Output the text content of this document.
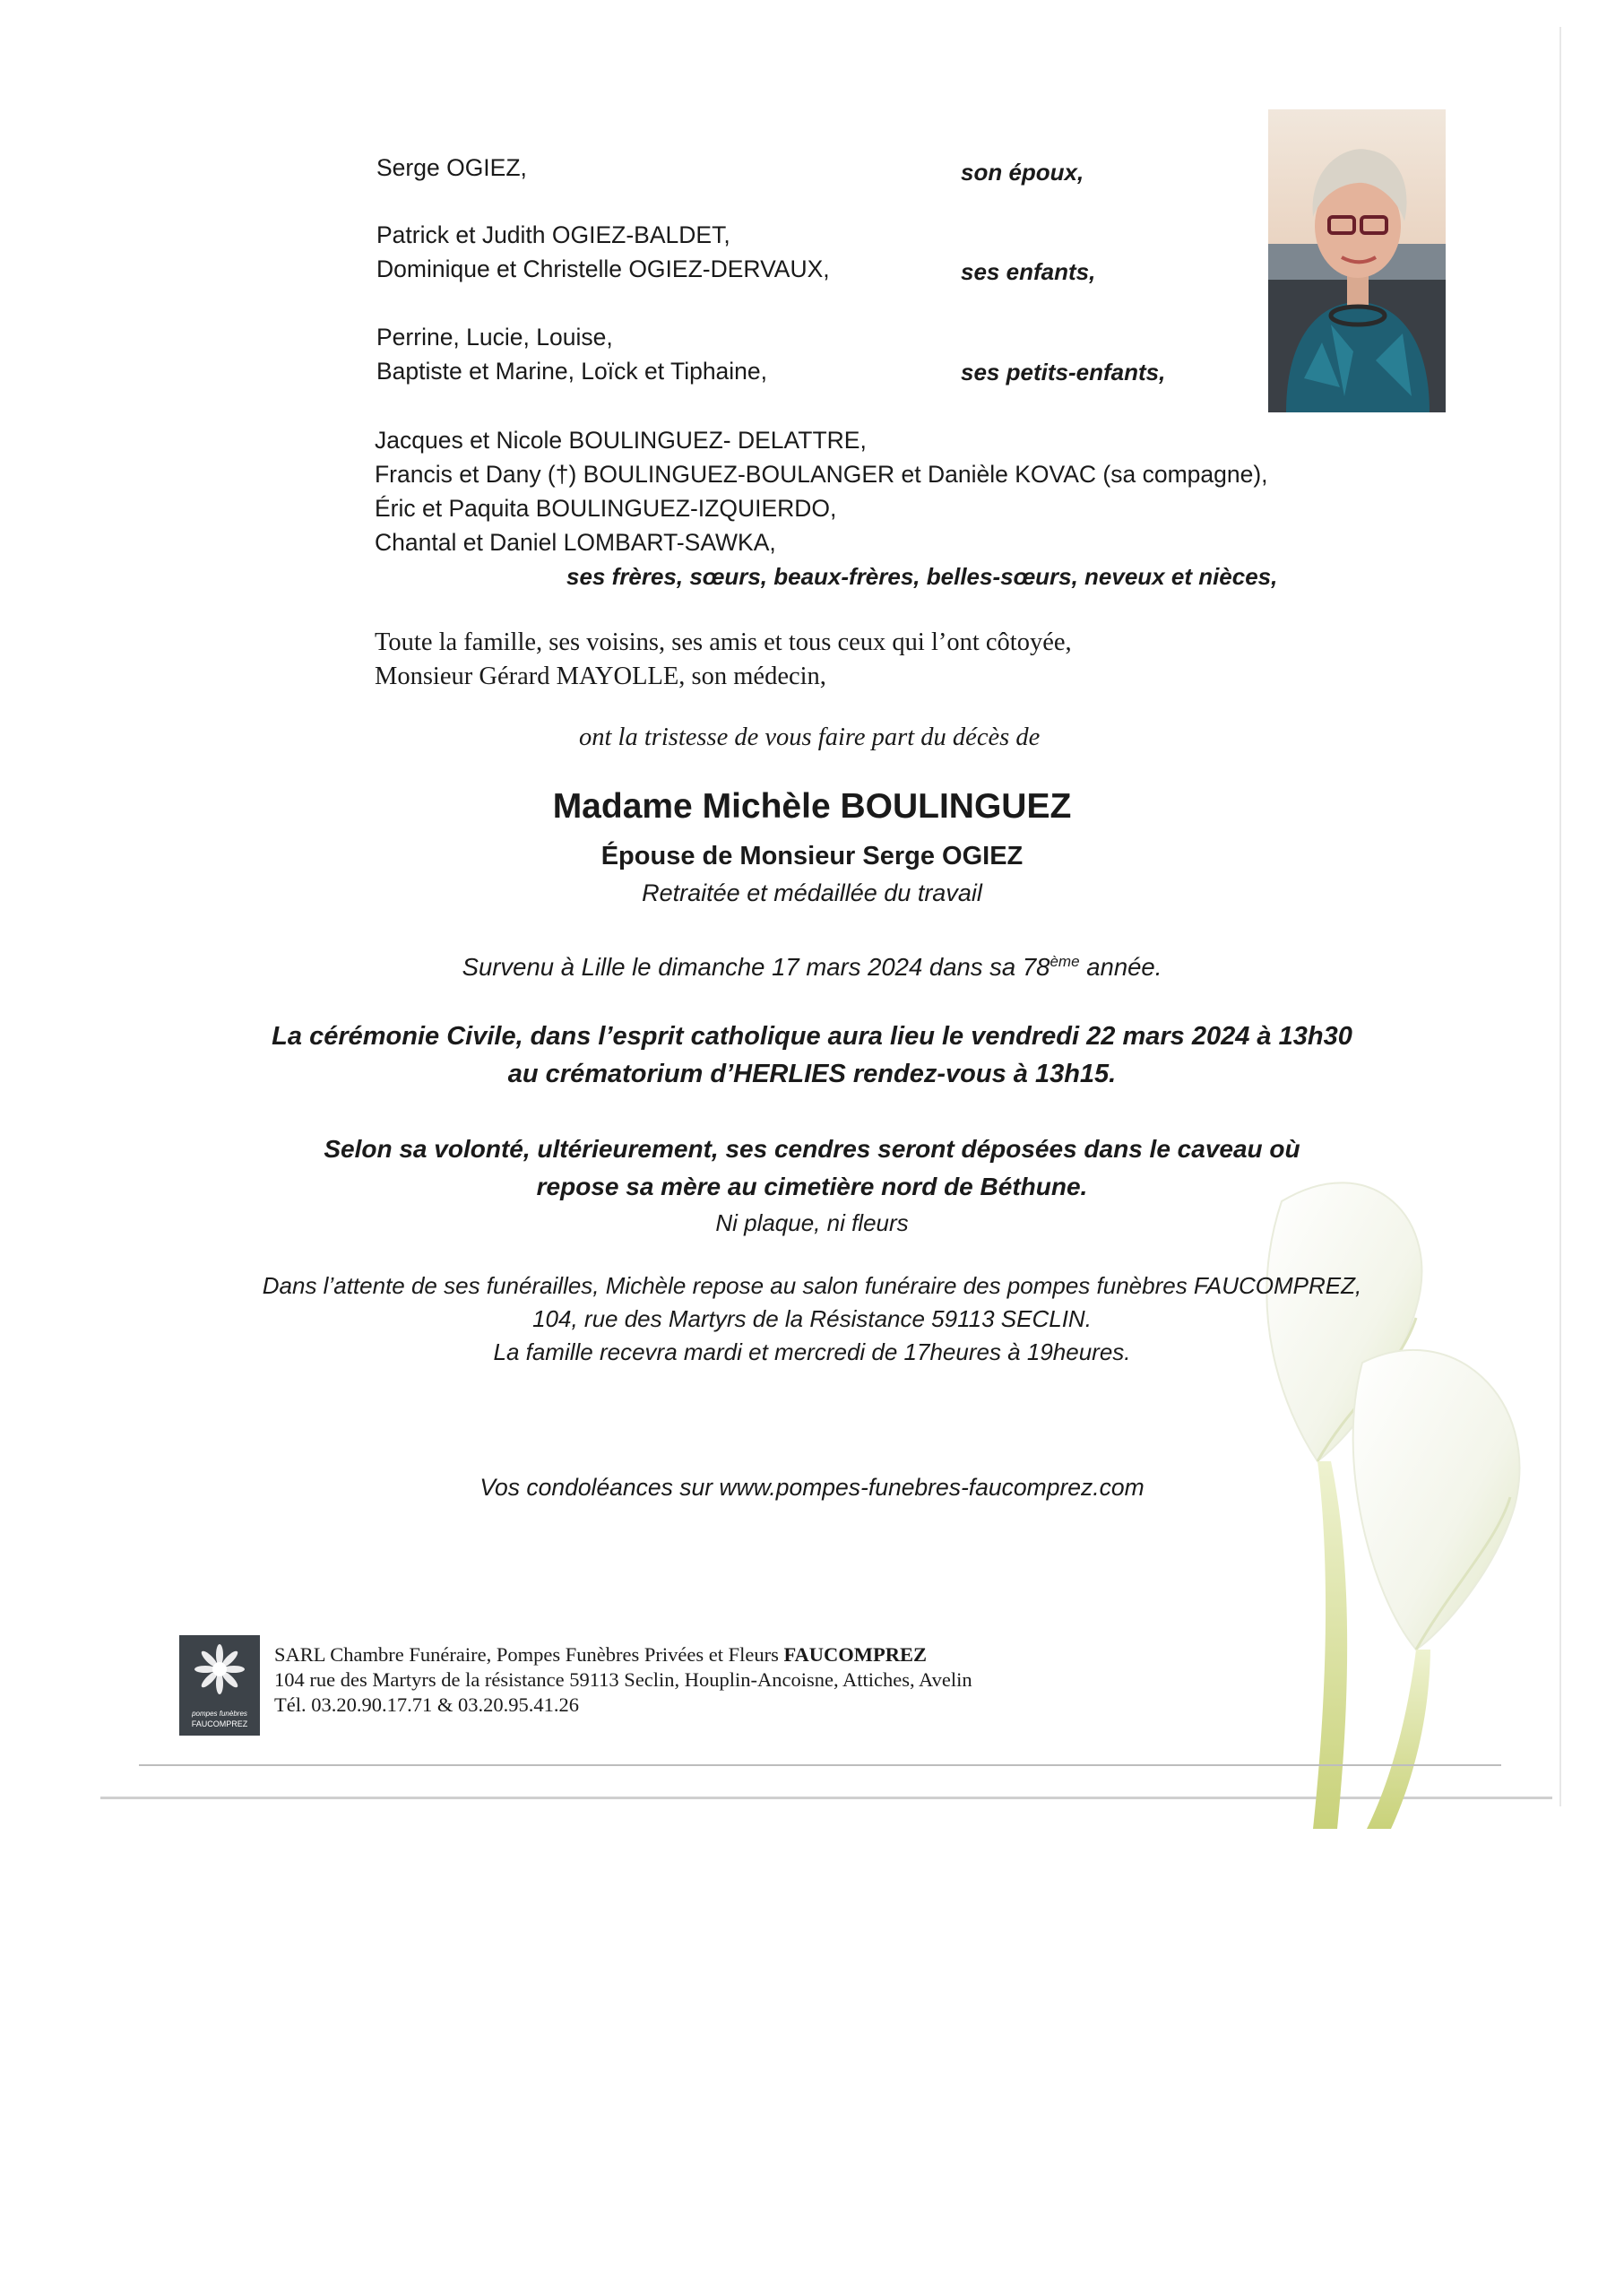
Serge OGIEZ,	son époux,
Patrick et Judith OGIEZ-BALDET,
Dominique et Christelle OGIEZ-DERVAUX,	ses enfants,
Perrine, Lucie, Louise,
Baptiste et Marine, Loïck et Tiphaine,	ses petits-enfants,
Jacques et Nicole BOULINGUEZ- DELATTRE,
Francis et Dany (†) BOULINGUEZ-BOULANGER et Danièle KOVAC (sa compagne),
Éric et Paquita BOULINGUEZ-IZQUIERDO,
Chantal et Daniel LOMBART-SAWKA,
ses frères, sœurs, beaux-frères, belles-sœurs, neveux et nièces,
Toute la famille, ses voisins, ses amis et tous ceux qui l’ont côtoyée,
Monsieur Gérard MAYOLLE, son médecin,
ont la tristesse de vous faire part du décès de
Madame Michèle BOULINGUEZ
Épouse de Monsieur Serge OGIEZ
Retraitée et médaillée du travail
Survenu à Lille le dimanche 17 mars 2024 dans sa 78ème année.
La cérémonie Civile, dans l’esprit catholique aura lieu le vendredi 22 mars 2024 à 13h30
au crématorium d’HERLIES rendez-vous à 13h15.
Selon sa volonté, ultérieurement, ses cendres seront déposées dans le caveau où
repose sa mère au cimetière nord de Béthune.
Ni plaque, ni fleurs
Dans l’attente de ses funérailles, Michèle repose au salon funéraire des pompes funèbres FAUCOMPREZ,
104, rue des Martyrs de la Résistance 59113 SECLIN.
La famille recevra mardi et mercredi de 17heures à 19heures.
Vos condoléances sur www.pompes-funebres-faucomprez.com
pompes funèbres
FAUCOMPREZ
SARL Chambre Funéraire, Pompes Funèbres Privées et Fleurs FAUCOMPREZ
104 rue des Martyrs de la résistance 59113 Seclin, Houplin-Ancoisne, Attiches, Avelin
Tél. 03.20.90.17.71 & 03.20.95.41.26
